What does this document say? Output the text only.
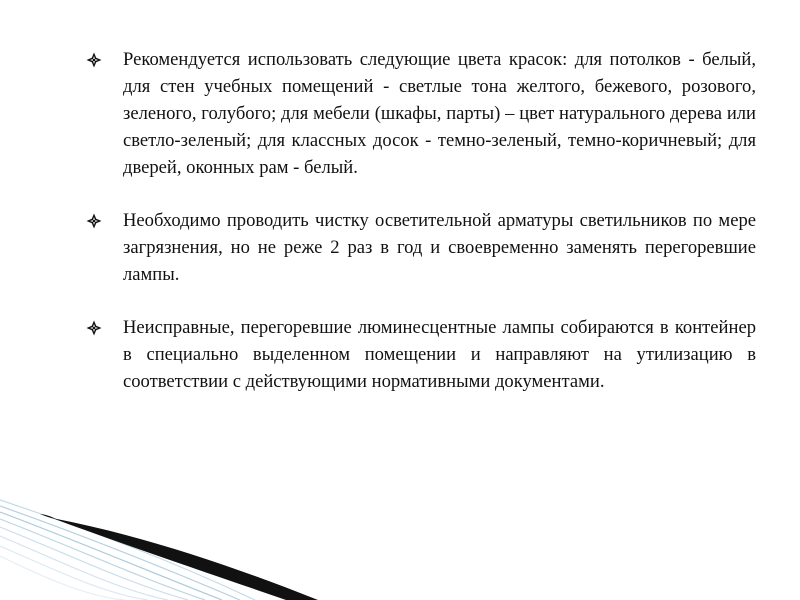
Рекомендуется использовать следующие цвета красок: для потолков - белый, для стен учебных помещений - светлые тона желтого, бежевого, розового, зеленого, голубого; для мебели (шкафы, парты) – цвет натурального дерева или светло-зеленый; для классных досок - темно-зеленый, темно-коричневый; для дверей, оконных рам - белый.
Необходимо проводить чистку осветительной арматуры светильников по мере загрязнения, но не реже 2 раз в год и своевременно заменять перегоревшие лампы.
Неисправные, перегоревшие люминесцентные лампы собираются в контейнер в специально выделенном помещении и направляют на утилизацию в соответствии с действующими нормативными документами.
